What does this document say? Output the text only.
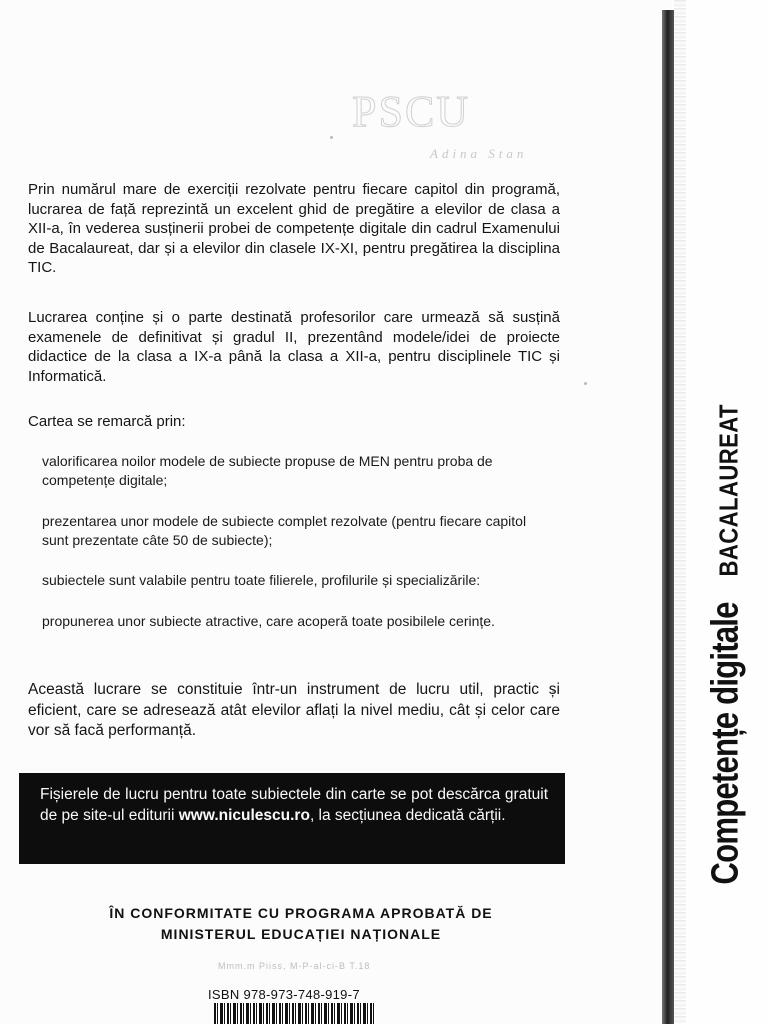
PSCU
Adina Stan

Prin numărul mare de exerciții rezolvate pentru fiecare capitol din programă, lucrarea de față reprezintă un excelent ghid de pregătire a elevilor de clasa a XII-a, în vederea susținerii probei de competențe digitale din cadrul Examenului de Bacalaureat, dar și a elevilor din clasele IX-XI, pentru pregătirea la disciplina TIC.

Lucrarea conține și o parte destinată profesorilor care urmează să susțină examenele de definitivat și gradul II, prezentând modele/idei de proiecte didactice de la clasa a IX-a până la clasa a XII-a, pentru disciplinele TIC și Informatică.

Cartea se remarcă prin:

valorificarea noilor modele de subiecte propuse de MEN pentru proba de competențe digitale;

prezentarea unor modele de subiecte complet rezolvate (pentru fiecare capitol sunt prezentate câte 50 de subiecte);

subiectele sunt valabile pentru toate filierele, profilurile și specializările:

propunerea unor subiecte atractive, care acoperă toate posibilele cerințe.

Această lucrare se constituie într-un instrument de lucru util, practic și eficient, care se adresează atât elevilor aflați la nivel mediu, cât și celor care vor să facă performanță.

Fișierele de lucru pentru toate subiectele din carte se pot descărca gratuit de pe site-ul editurii www.niculescu.ro, la secțiunea dedicată cărții.

ÎN CONFORMITATE CU PROGRAMA APROBATĂ DE
MINISTERUL EDUCAȚIEI NAȚIONALE
Mmm.m Piiss, M-P-al-ci-B T.18
ISBN 978-973-748-919-7
Competențe digitale
BACALAUREAT
